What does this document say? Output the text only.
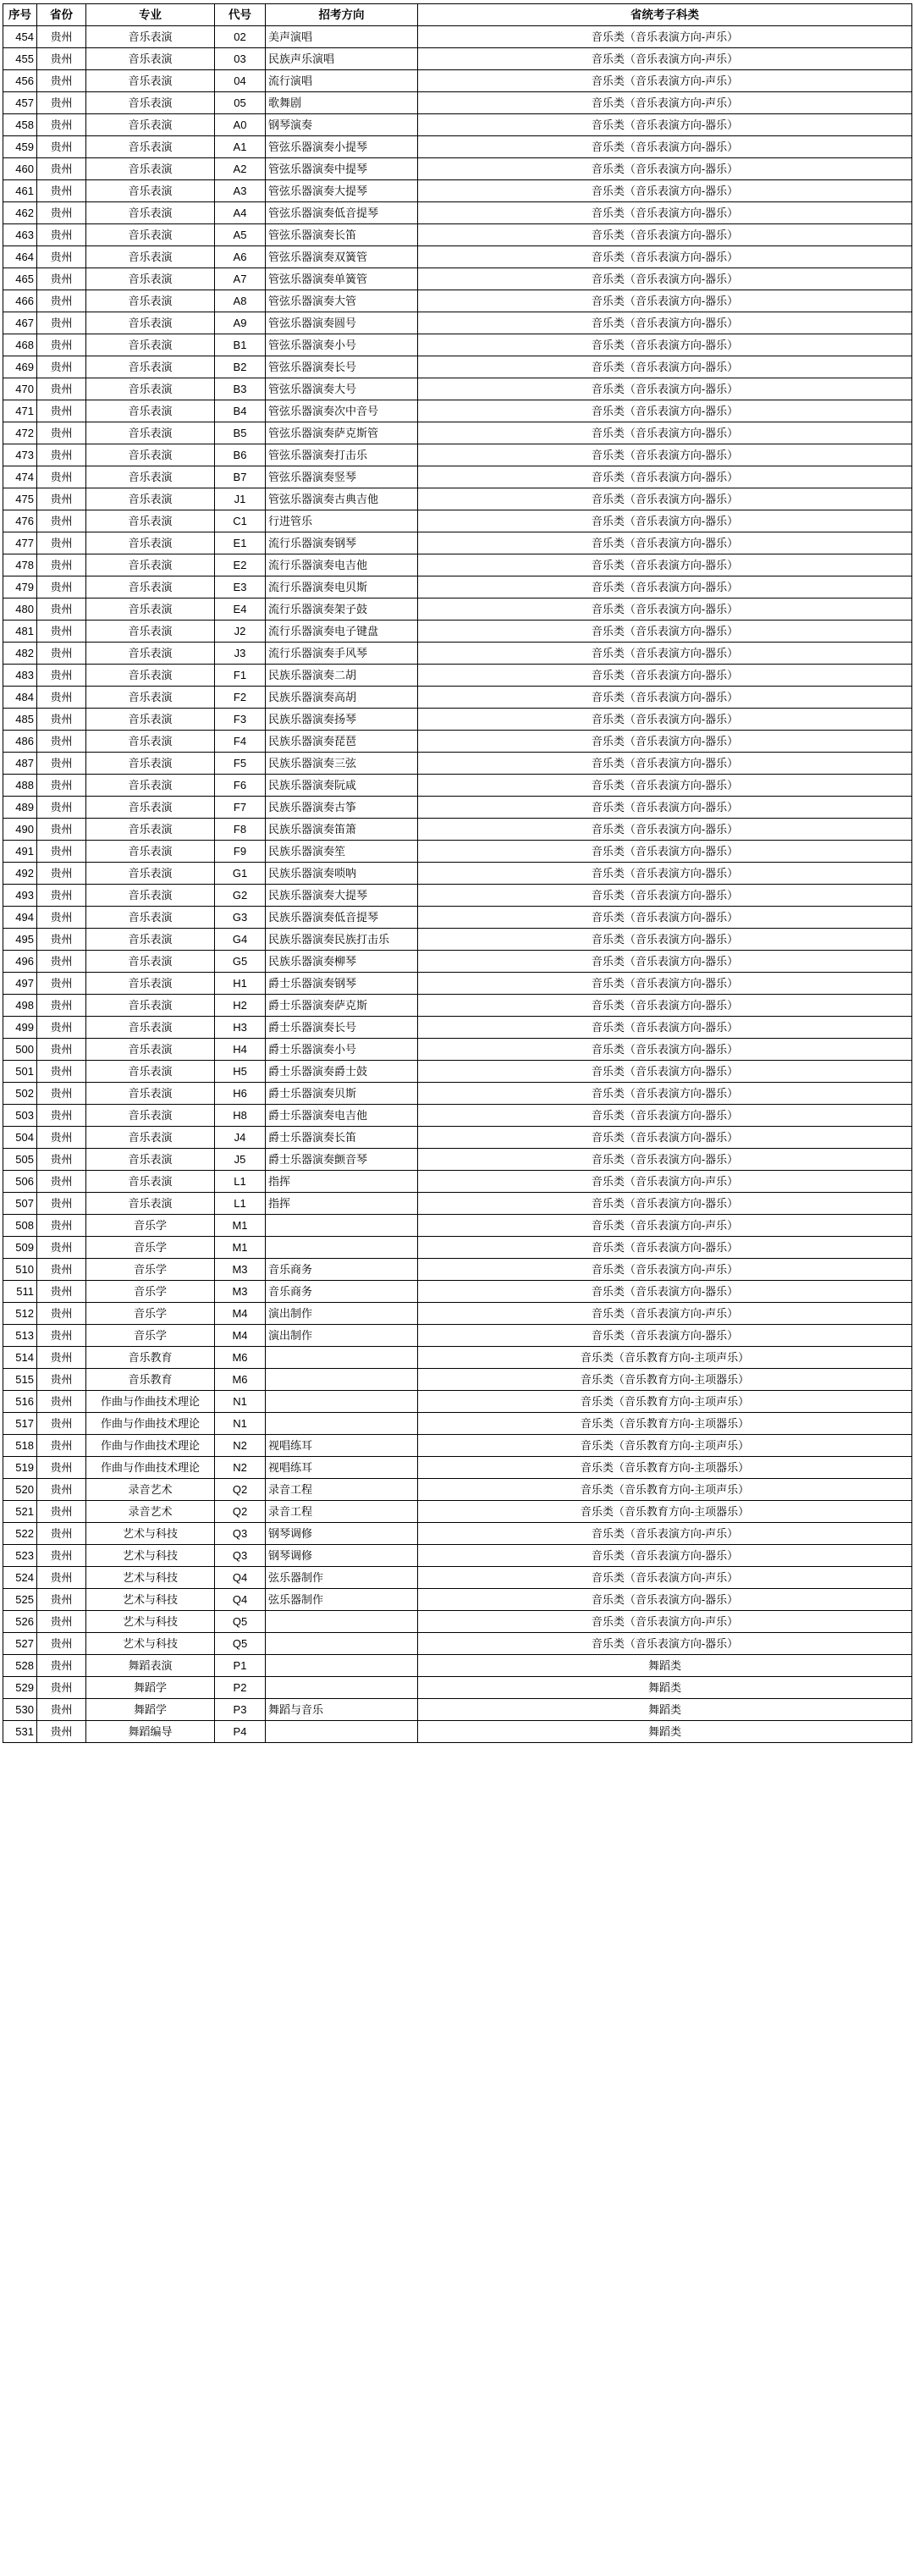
序号	省份	专业	代号	招考方向	省统考子科类
454	贵州	音乐表演	02	美声演唱	音乐类（音乐表演方向-声乐）
455	贵州	音乐表演	03	民族声乐演唱	音乐类（音乐表演方向-声乐）
456	贵州	音乐表演	04	流行演唱	音乐类（音乐表演方向-声乐）
457	贵州	音乐表演	05	歌舞剧	音乐类（音乐表演方向-声乐）
458	贵州	音乐表演	A0	钢琴演奏	音乐类（音乐表演方向-器乐）
459	贵州	音乐表演	A1	管弦乐器演奏小提琴	音乐类（音乐表演方向-器乐）
460	贵州	音乐表演	A2	管弦乐器演奏中提琴	音乐类（音乐表演方向-器乐）
461	贵州	音乐表演	A3	管弦乐器演奏大提琴	音乐类（音乐表演方向-器乐）
462	贵州	音乐表演	A4	管弦乐器演奏低音提琴	音乐类（音乐表演方向-器乐）
463	贵州	音乐表演	A5	管弦乐器演奏长笛	音乐类（音乐表演方向-器乐）
464	贵州	音乐表演	A6	管弦乐器演奏双簧管	音乐类（音乐表演方向-器乐）
465	贵州	音乐表演	A7	管弦乐器演奏单簧管	音乐类（音乐表演方向-器乐）
466	贵州	音乐表演	A8	管弦乐器演奏大管	音乐类（音乐表演方向-器乐）
467	贵州	音乐表演	A9	管弦乐器演奏圆号	音乐类（音乐表演方向-器乐）
468	贵州	音乐表演	B1	管弦乐器演奏小号	音乐类（音乐表演方向-器乐）
469	贵州	音乐表演	B2	管弦乐器演奏长号	音乐类（音乐表演方向-器乐）
470	贵州	音乐表演	B3	管弦乐器演奏大号	音乐类（音乐表演方向-器乐）
471	贵州	音乐表演	B4	管弦乐器演奏次中音号	音乐类（音乐表演方向-器乐）
472	贵州	音乐表演	B5	管弦乐器演奏萨克斯管	音乐类（音乐表演方向-器乐）
473	贵州	音乐表演	B6	管弦乐器演奏打击乐	音乐类（音乐表演方向-器乐）
474	贵州	音乐表演	B7	管弦乐器演奏竖琴	音乐类（音乐表演方向-器乐）
475	贵州	音乐表演	J1	管弦乐器演奏古典吉他	音乐类（音乐表演方向-器乐）
476	贵州	音乐表演	C1	行进管乐	音乐类（音乐表演方向-器乐）
477	贵州	音乐表演	E1	流行乐器演奏钢琴	音乐类（音乐表演方向-器乐）
478	贵州	音乐表演	E2	流行乐器演奏电吉他	音乐类（音乐表演方向-器乐）
479	贵州	音乐表演	E3	流行乐器演奏电贝斯	音乐类（音乐表演方向-器乐）
480	贵州	音乐表演	E4	流行乐器演奏架子鼓	音乐类（音乐表演方向-器乐）
481	贵州	音乐表演	J2	流行乐器演奏电子键盘	音乐类（音乐表演方向-器乐）
482	贵州	音乐表演	J3	流行乐器演奏手风琴	音乐类（音乐表演方向-器乐）
483	贵州	音乐表演	F1	民族乐器演奏二胡	音乐类（音乐表演方向-器乐）
484	贵州	音乐表演	F2	民族乐器演奏高胡	音乐类（音乐表演方向-器乐）
485	贵州	音乐表演	F3	民族乐器演奏扬琴	音乐类（音乐表演方向-器乐）
486	贵州	音乐表演	F4	民族乐器演奏琵琶	音乐类（音乐表演方向-器乐）
487	贵州	音乐表演	F5	民族乐器演奏三弦	音乐类（音乐表演方向-器乐）
488	贵州	音乐表演	F6	民族乐器演奏阮咸	音乐类（音乐表演方向-器乐）
489	贵州	音乐表演	F7	民族乐器演奏古筝	音乐类（音乐表演方向-器乐）
490	贵州	音乐表演	F8	民族乐器演奏笛箫	音乐类（音乐表演方向-器乐）
491	贵州	音乐表演	F9	民族乐器演奏笙	音乐类（音乐表演方向-器乐）
492	贵州	音乐表演	G1	民族乐器演奏唢呐	音乐类（音乐表演方向-器乐）
493	贵州	音乐表演	G2	民族乐器演奏大提琴	音乐类（音乐表演方向-器乐）
494	贵州	音乐表演	G3	民族乐器演奏低音提琴	音乐类（音乐表演方向-器乐）
495	贵州	音乐表演	G4	民族乐器演奏民族打击乐	音乐类（音乐表演方向-器乐）
496	贵州	音乐表演	G5	民族乐器演奏柳琴	音乐类（音乐表演方向-器乐）
497	贵州	音乐表演	H1	爵士乐器演奏钢琴	音乐类（音乐表演方向-器乐）
498	贵州	音乐表演	H2	爵士乐器演奏萨克斯	音乐类（音乐表演方向-器乐）
499	贵州	音乐表演	H3	爵士乐器演奏长号	音乐类（音乐表演方向-器乐）
500	贵州	音乐表演	H4	爵士乐器演奏小号	音乐类（音乐表演方向-器乐）
501	贵州	音乐表演	H5	爵士乐器演奏爵士鼓	音乐类（音乐表演方向-器乐）
502	贵州	音乐表演	H6	爵士乐器演奏贝斯	音乐类（音乐表演方向-器乐）
503	贵州	音乐表演	H8	爵士乐器演奏电吉他	音乐类（音乐表演方向-器乐）
504	贵州	音乐表演	J4	爵士乐器演奏长笛	音乐类（音乐表演方向-器乐）
505	贵州	音乐表演	J5	爵士乐器演奏颤音琴	音乐类（音乐表演方向-器乐）
506	贵州	音乐表演	L1	指挥	音乐类（音乐表演方向-声乐）
507	贵州	音乐表演	L1	指挥	音乐类（音乐表演方向-器乐）
508	贵州	音乐学	M1		音乐类（音乐表演方向-声乐）
509	贵州	音乐学	M1		音乐类（音乐表演方向-器乐）
510	贵州	音乐学	M3	音乐商务	音乐类（音乐表演方向-声乐）
511	贵州	音乐学	M3	音乐商务	音乐类（音乐表演方向-器乐）
512	贵州	音乐学	M4	演出制作	音乐类（音乐表演方向-声乐）
513	贵州	音乐学	M4	演出制作	音乐类（音乐表演方向-器乐）
514	贵州	音乐教育	M6		音乐类（音乐教育方向-主项声乐）
515	贵州	音乐教育	M6		音乐类（音乐教育方向-主项器乐）
516	贵州	作曲与作曲技术理论	N1		音乐类（音乐教育方向-主项声乐）
517	贵州	作曲与作曲技术理论	N1		音乐类（音乐教育方向-主项器乐）
518	贵州	作曲与作曲技术理论	N2	视唱练耳	音乐类（音乐教育方向-主项声乐）
519	贵州	作曲与作曲技术理论	N2	视唱练耳	音乐类（音乐教育方向-主项器乐）
520	贵州	录音艺术	Q2	录音工程	音乐类（音乐教育方向-主项声乐）
521	贵州	录音艺术	Q2	录音工程	音乐类（音乐教育方向-主项器乐）
522	贵州	艺术与科技	Q3	钢琴调修	音乐类（音乐表演方向-声乐）
523	贵州	艺术与科技	Q3	钢琴调修	音乐类（音乐表演方向-器乐）
524	贵州	艺术与科技	Q4	弦乐器制作	音乐类（音乐表演方向-声乐）
525	贵州	艺术与科技	Q4	弦乐器制作	音乐类（音乐表演方向-器乐）
526	贵州	艺术与科技	Q5		音乐类（音乐表演方向-声乐）
527	贵州	艺术与科技	Q5		音乐类（音乐表演方向-器乐）
528	贵州	舞蹈表演	P1		舞蹈类
529	贵州	舞蹈学	P2		舞蹈类
530	贵州	舞蹈学	P3	舞蹈与音乐	舞蹈类
531	贵州	舞蹈编导	P4		舞蹈类
